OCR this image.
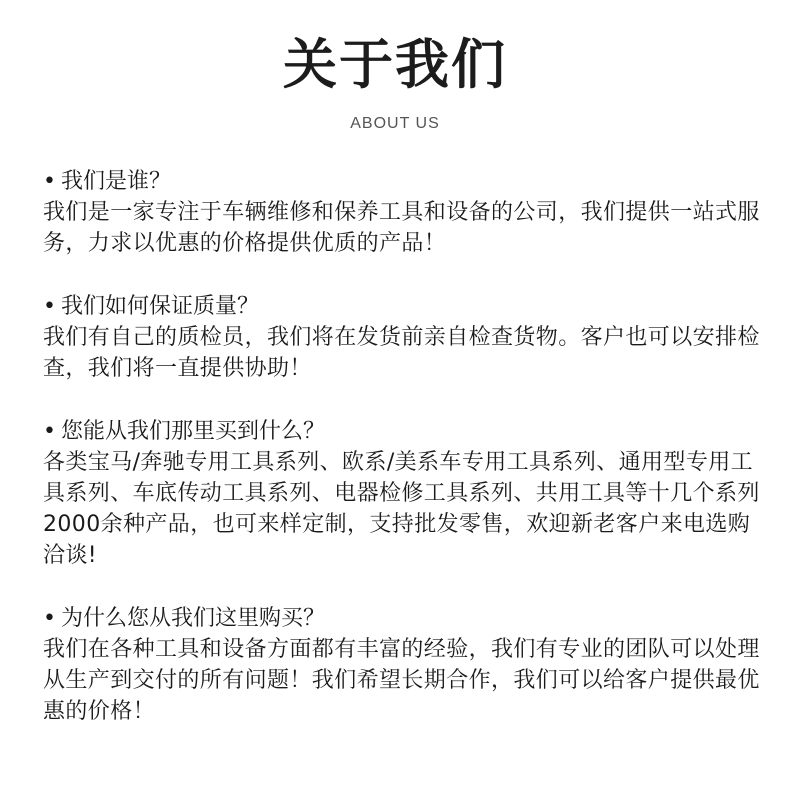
关于我们
ABOUT US
• 我们是谁？
我们是一家专注于车辆维修和保养工具和设备的公司，我们提供一站式服务，力求以优惠的价格提供优质的产品！
• 我们如何保证质量？
我们有自己的质检员，我们将在发货前亲自检查货物。客户也可以安排检查，我们将一直提供协助！
• 您能从我们那里买到什么？
各类宝马/奔驰专用工具系列、欧系/美系车专用工具系列、通用型专用工具系列、车底传动工具系列、电器检修工具系列、共用工具等十几个系列2000余种产品，也可来样定制，支持批发零售，欢迎新老客户来电选购洽谈!
• 为什么您从我们这里购买？
我们在各种工具和设备方面都有丰富的经验，我们有专业的团队可以处理从生产到交付的所有问题！我们希望长期合作，我们可以给客户提供最优惠的价格！
